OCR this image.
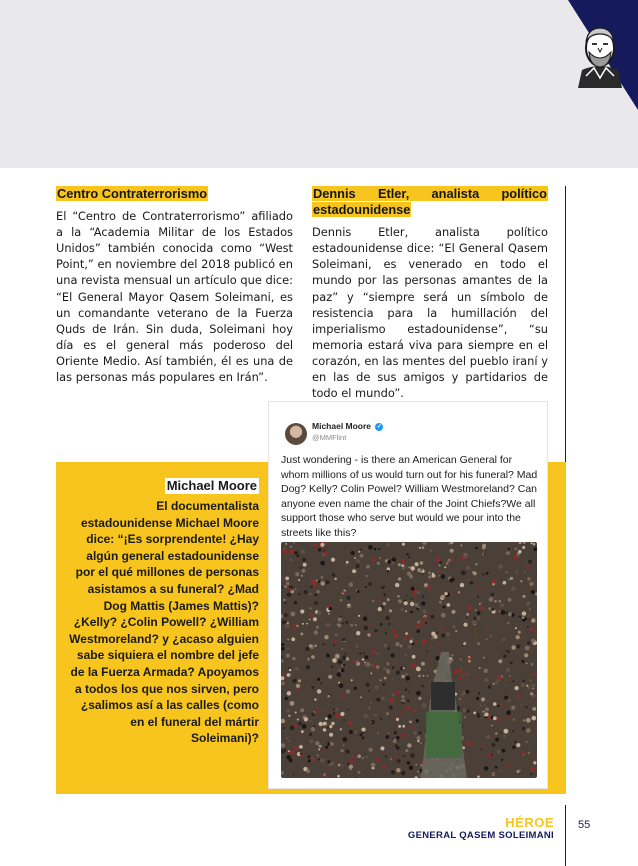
Centro Contraterrorismo

El “Centro de Contraterrorismo” afiliado a la “Academia Militar de los Estados Unidos” también conocida como “West Point,” en noviembre del 2018 publicó en una revista mensual un artículo que dice: “El General Mayor Qasem Soleimani, es un comandante veterano de la Fuerza Quds de Irán. Sin duda, Soleimani hoy día es el general más poderoso del Oriente Medio. Así también, él es una de las personas más populares en Irán”.

Dennis Etler, analista político estadounidense

Dennis Etler, analista político estadounidense dice: “El General Qasem Soleimani, es venerado en todo el mundo por las personas amantes de la paz” y “siempre será un símbolo de resistencia para la humillación del imperialismo estadounidense”, “su memoria estará viva para siempre en el corazón, en las mentes del pueblo iraní y en las de sus amigos y partidarios de todo el mundo”.

Michael Moore
El documentalista estadounidense Michael Moore dice: “¡Es sorprendente! ¿Hay algún general estadounidense por el qué millones de personas asistamos a su funeral? ¿Mad Dog Mattis (James Mattis)? ¿Kelly? ¿Colin Powell? ¿William Westmoreland? y ¿acaso alguien sabe siquiera el nombre del jefe de la Fuerza Armada? Apoyamos a todos los que nos sirven, pero ¿salimos así a las calles (como en el funeral del mártir Soleimani)?
Michael Moore ✓
@MMFlint
Just wondering - is there an American General for whom millions of us would turn out for his funeral? Mad Dog? Kelly? Colin Powel? William Westmoreland? Can anyone even name the chair of the Joint Chiefs?We all support those who serve but would we pour into the streets like this?
HÉROE
GENERAL QASEM SOLEIMANI
55
